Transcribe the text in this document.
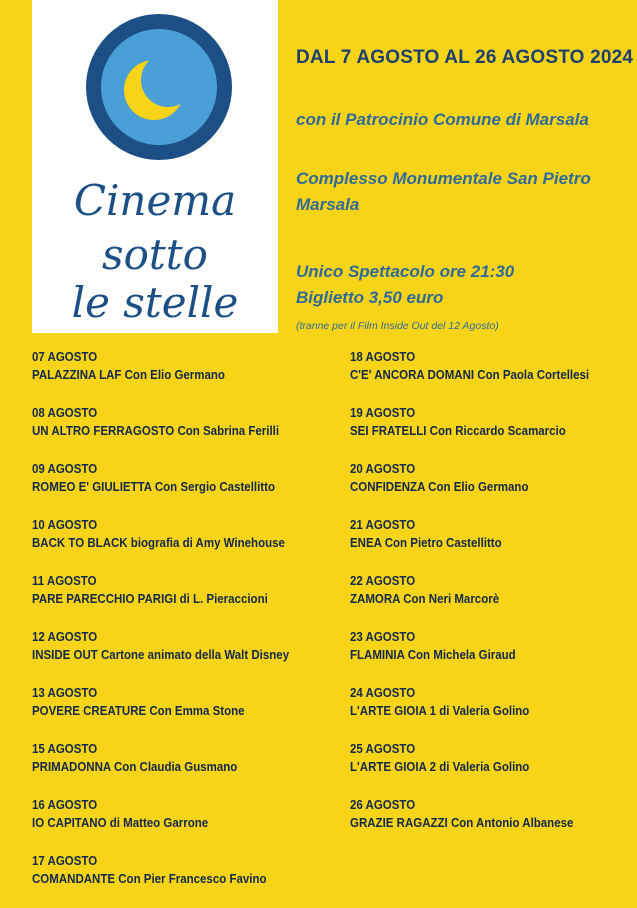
Cinema
sotto
le stelle
DAL 7 AGOSTO AL 26 AGOSTO 2024
con il Patrocinio Comune di Marsala
Complesso Monumentale San Pietro
Marsala
Unico Spettacolo ore 21:30
Biglietto 3,50 euro
(tranne per il Film Inside Out del 12 Agosto)
07 AGOSTO
PALAZZINA LAF Con Elio Germano
08 AGOSTO
UN ALTRO FERRAGOSTO Con Sabrina Ferilli
09 AGOSTO
ROMEO E' GIULIETTA Con Sergio Castellitto
10 AGOSTO
BACK TO BLACK biografia di Amy Winehouse
11 AGOSTO
PARE PARECCHIO PARIGI di L. Pieraccioni
12 AGOSTO
INSIDE OUT Cartone animato della Walt Disney
13 AGOSTO
POVERE CREATURE Con Emma Stone
15 AGOSTO
PRIMADONNA Con Claudia Gusmano
16 AGOSTO
IO CAPITANO di Matteo Garrone
17 AGOSTO
COMANDANTE Con Pier Francesco Favino
18 AGOSTO
C'E' ANCORA DOMANI Con Paola Cortellesi
19 AGOSTO
SEI FRATELLI Con Riccardo Scamarcio
20 AGOSTO
CONFIDENZA Con Elio Germano
21 AGOSTO
ENEA Con Pietro Castellitto
22 AGOSTO
ZAMORA Con Neri Marcorè
23 AGOSTO
FLAMINIA Con Michela Giraud
24 AGOSTO
L'ARTE GIOIA 1 di Valeria Golino
25 AGOSTO
L'ARTE GIOIA 2 di Valeria Golino
26 AGOSTO
GRAZIE RAGAZZI Con Antonio Albanese
